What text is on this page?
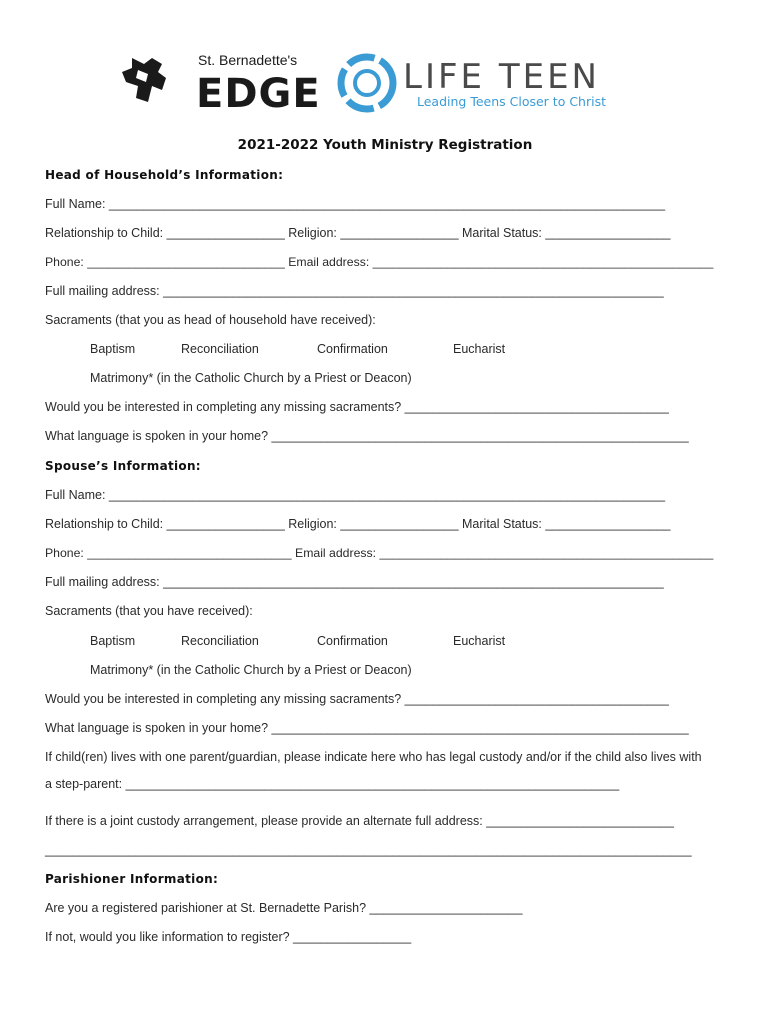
St. Bernadette's
EDGE LIFE TEEN
Leading Teens Closer to Christ
2021-2022 Youth Ministry Registration
Head of Household’s Information:
Full Name: ________________________________________________________________________________
Relationship to Child: _________________ Religion: _________________ Marital Status: __________________
Phone: _____________________________ Email address: __________________________________________________
Full mailing address: ________________________________________________________________________
Sacraments (that you as head of household have received):
Baptism	Reconciliation	Confirmation	Eucharist
Matrimony* (in the Catholic Church by a Priest or Deacon)
Would you be interested in completing any missing sacraments? ______________________________________
What language is spoken in your home? ____________________________________________________________
Spouse’s Information:
Full Name: ________________________________________________________________________________
Relationship to Child: _________________ Religion: _________________ Marital Status: __________________
Phone: ______________________________ Email address: _________________________________________________
Full mailing address: ________________________________________________________________________
Sacraments (that you have received):
Baptism	Reconciliation	Confirmation	Eucharist
Matrimony* (in the Catholic Church by a Priest or Deacon)
Would you be interested in completing any missing sacraments? ______________________________________
What language is spoken in your home? ____________________________________________________________
If child(ren) lives with one parent/guardian, please indicate here who has legal custody and/or if the child also lives with
a step-parent: _______________________________________________________________________
If there is a joint custody arrangement, please provide an alternate full address: ___________________________
_____________________________________________________________________________________________
Parishioner Information:
Are you a registered parishioner at St. Bernadette Parish? ______________________
If not, would you like information to register? _________________
